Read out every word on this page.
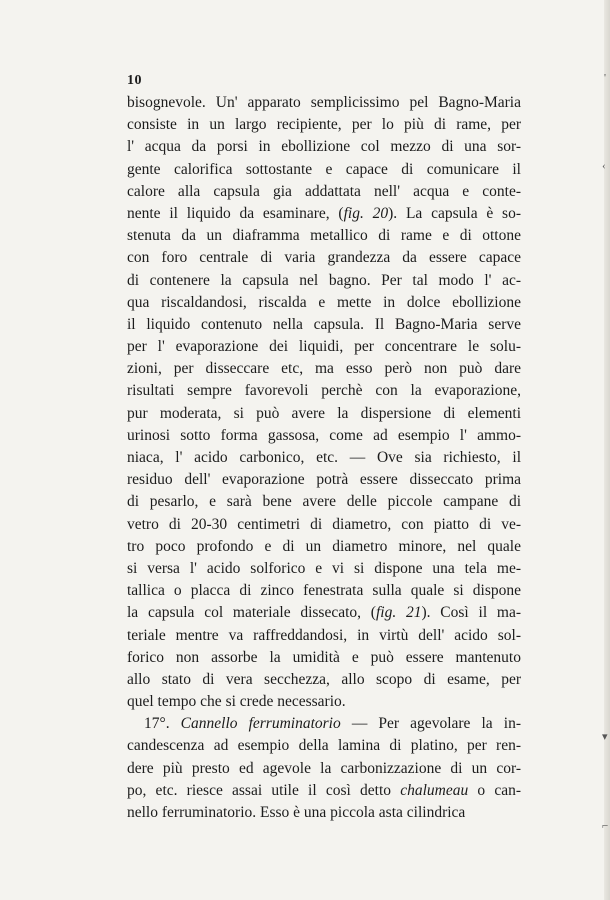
10
bisognevole. Un' apparato semplicissimo pel Bagno-Maria
consiste in un largo recipiente, per lo più di rame, per
l' acqua da porsi in ebollizione col mezzo di una sor-
gente calorifica sottostante e capace di comunicare il
calore alla capsula gia addattata nell' acqua e conte-
nente il liquido da esaminare, (fig. 20). La capsula è so-
stenuta da un diaframma metallico di rame e di ottone
con foro centrale di varia grandezza da essere capace
di contenere la capsula nel bagno. Per tal modo l' ac-
qua riscaldandosi, riscalda e mette in dolce ebollizione
il liquido contenuto nella capsula. Il Bagno-Maria serve
per l' evaporazione dei liquidi, per concentrare le solu-
zioni, per disseccare etc, ma esso però non può dare
risultati sempre favorevoli perchè con la evaporazione,
pur moderata, si può avere la dispersione di elementi
urinosi sotto forma gassosa, come ad esempio l' ammo-
niaca, l' acido carbonico, etc. — Ove sia richiesto, il
residuo dell' evaporazione potrà essere disseccato prima
di pesarlo, e sarà bene avere delle piccole campane di
vetro di 20-30 centimetri di diametro, con piatto di ve-
tro poco profondo e di un diametro minore, nel quale
si versa l' acido solforico e vi si dispone una tela me-
tallica o placca di zinco fenestrata sulla quale si dispone
la capsula col materiale dissecato, (fig. 21). Così il ma-
teriale mentre va raffreddandosi, in virtù dell' acido sol-
forico non assorbe la umidità e può essere mantenuto
allo stato di vera secchezza, allo scopo di esame, per
quel tempo che si crede necessario.
17°. Cannello ferruminatorio — Per agevolare la in-
candescenza ad esempio della lamina di platino, per ren-
dere più presto ed agevole la carbonizzazione di un cor-
po, etc. riesce assai utile il così detto chalumeau o can-
nello ferruminatorio. Esso è una piccola asta cilindrica
'
‹
▾
⌐
